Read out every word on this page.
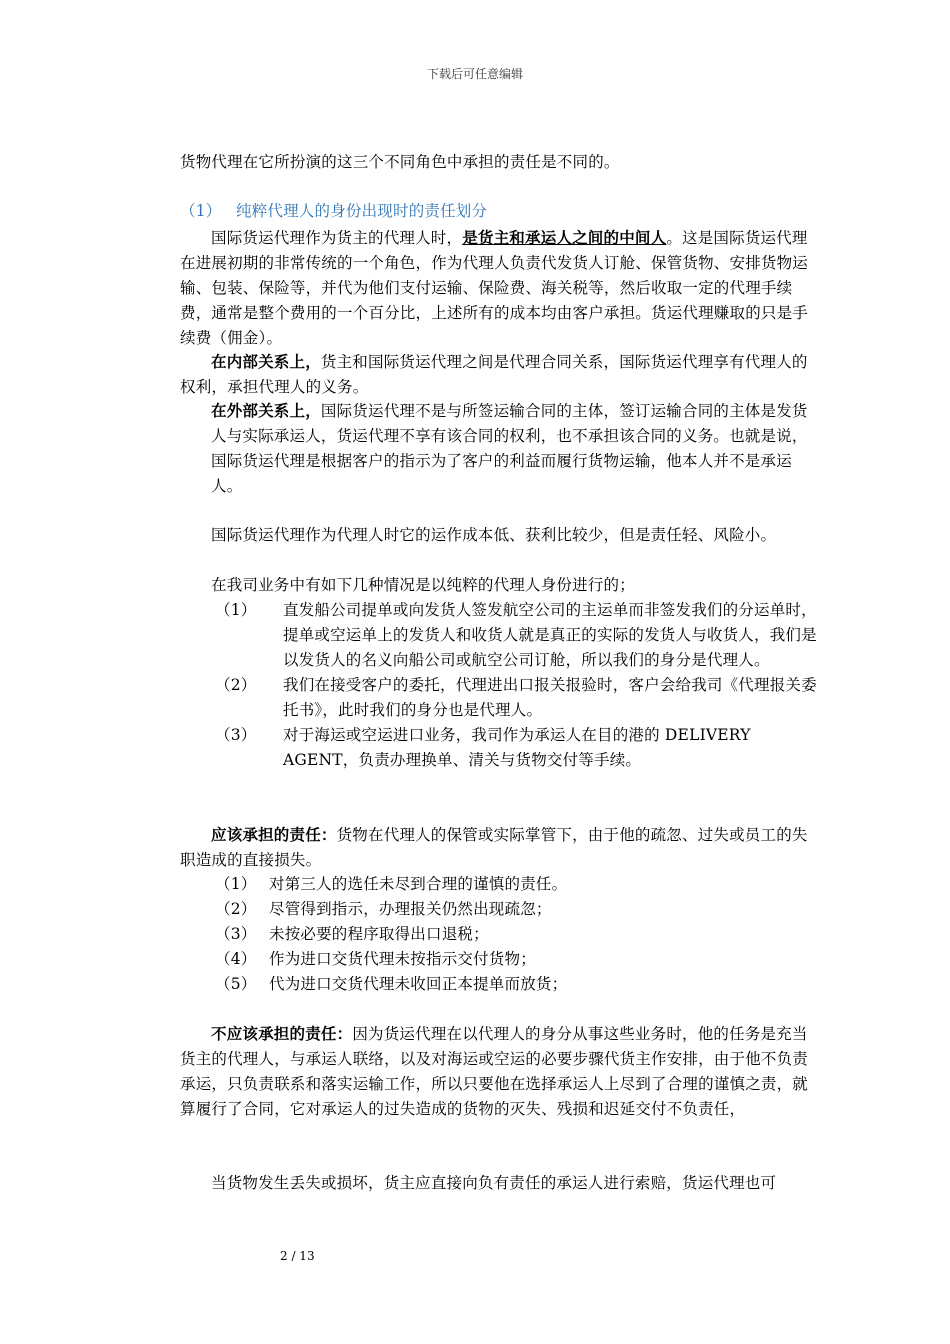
下载后可任意编辑

货物代理在它所扮演的这三个不同角色中承担的责任是不同的。

（1） 纯粹代理人的身份出现时的责任划分

国际货运代理作为货主的代理人时，是货主和承运人之间的中间人。这是国际货运代理在进展初期的非常传统的一个角色，作为代理人负责代发货人订舱、保管货物、安排货物运输、包装、保险等，并代为他们支付运输、保险费、海关税等，然后收取一定的代理手续费，通常是整个费用的一个百分比，上述所有的成本均由客户承担。货运代理赚取的只是手续费（佣金）。

在内部关系上，货主和国际货运代理之间是代理合同关系，国际货运代理享有代理人的权利，承担代理人的义务。

在外部关系上，国际货运代理不是与所签运输合同的主体，签订运输合同的主体是发货人与实际承运人，货运代理不享有该合同的权利，也不承担该合同的义务。也就是说，国际货运代理是根据客户的指示为了客户的利益而履行货物运输，他本人并不是承运人。

国际货运代理作为代理人时它的运作成本低、获利比较少，但是责任轻、风险小。

在我司业务中有如下几种情况是以纯粹的代理人身份进行的；

（1）	直发船公司提单或向发货人签发航空公司的主运单而非签发我们的分运单时，提单或空运单上的发货人和收货人就是真正的实际的发货人与收货人，我们是以发货人的名义向船公司或航空公司订舱，所以我们的身分是代理人。
（2）	我们在接受客户的委托，代理进出口报关报验时，客户会给我司《代理报关委托书》，此时我们的身分也是代理人。
（3）	对于海运或空运进口业务，我司作为承运人在目的港的 DELIVERY AGENT，负责办理换单、清关与货物交付等手续。

应该承担的责任：货物在代理人的保管或实际掌管下，由于他的疏忽、过失或员工的失职造成的直接损失。

（1） 对第三人的选任未尽到合理的谨慎的责任。
（2） 尽管得到指示，办理报关仍然出现疏忽；
（3） 未按必要的程序取得出口退税；
（4） 作为进口交货代理未按指示交付货物；
（5） 代为进口交货代理未收回正本提单而放货；

不应该承担的责任：因为货运代理在以代理人的身分从事这些业务时，他的任务是充当货主的代理人，与承运人联络，以及对海运或空运的必要步骤代货主作安排，由于他不负责承运，只负责联系和落实运输工作，所以只要他在选择承运人上尽到了合理的谨慎之责，就算履行了合同，它对承运人的过失造成的货物的灭失、残损和迟延交付不负责任，

当货物发生丢失或损坏，货主应直接向负有责任的承运人进行索赔，货运代理也可

2 / 13
